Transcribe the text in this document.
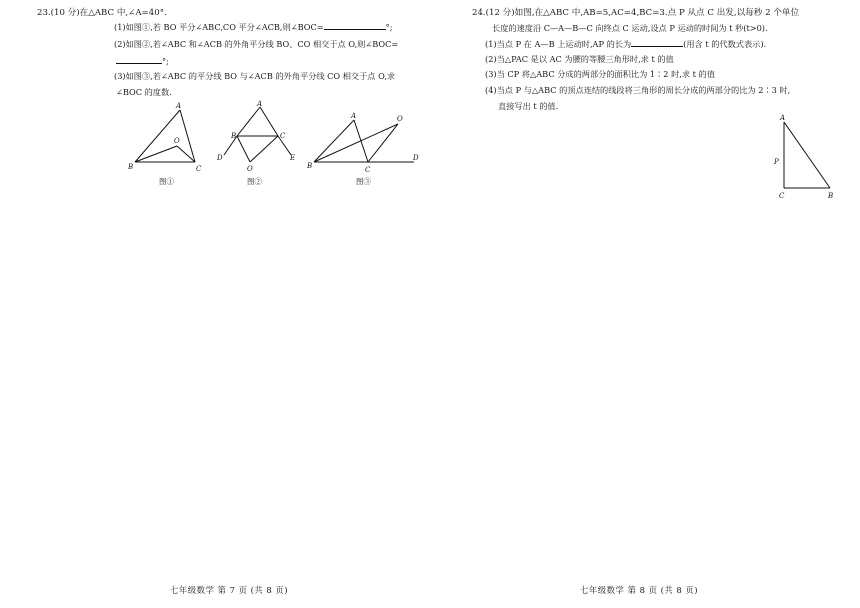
23.(10 分)在△ABC 中,∠A=40°.
(1)如图①,若 BO 平分∠ABC,CO 平分∠ACB,则∠BOC=	°;
(2)如图②,若∠ABC 和∠ACB 的外角平分线 BO、CO 相交于点 O,则∠BOC=
°;
(3)如图③,若∠ABC 的平分线 BO 与∠ACB 的外角平分线 CO 相交于点 O,求
∠BOC 的度数.
A
O
B	C
图①
A
B	C
D	E
O
图②
A	O
B	C
D
图③
七年级数学 第 7 页 (共 8 页)
24.(12 分)如图,在△ABC 中,AB=5,AC=4,BC=3.点 P 从点 C 出发,以每秒 2 个单位
长度的速度沿 C—A—B—C 向终点 C 运动,设点 P 运动的时间为 t 秒(t>0).
(1)当点 P 在 A—B 上运动时,AP 的长为	(用含 t 的代数式表示).
(2)当△PAC 是以 AC 为腰的等腰三角形时,求 t 的值
(3)当 CP 将△ABC 分成的两部分的面积比为 1∶2 时,求 t 的值
(4)当点 P 与△ABC 的顶点连结的线段将三角形的周长分成的两部分的比为 2∶3 时,
直接写出 t 的值.
A
P
C	B
七年级数学 第 8 页 (共 8 页)
